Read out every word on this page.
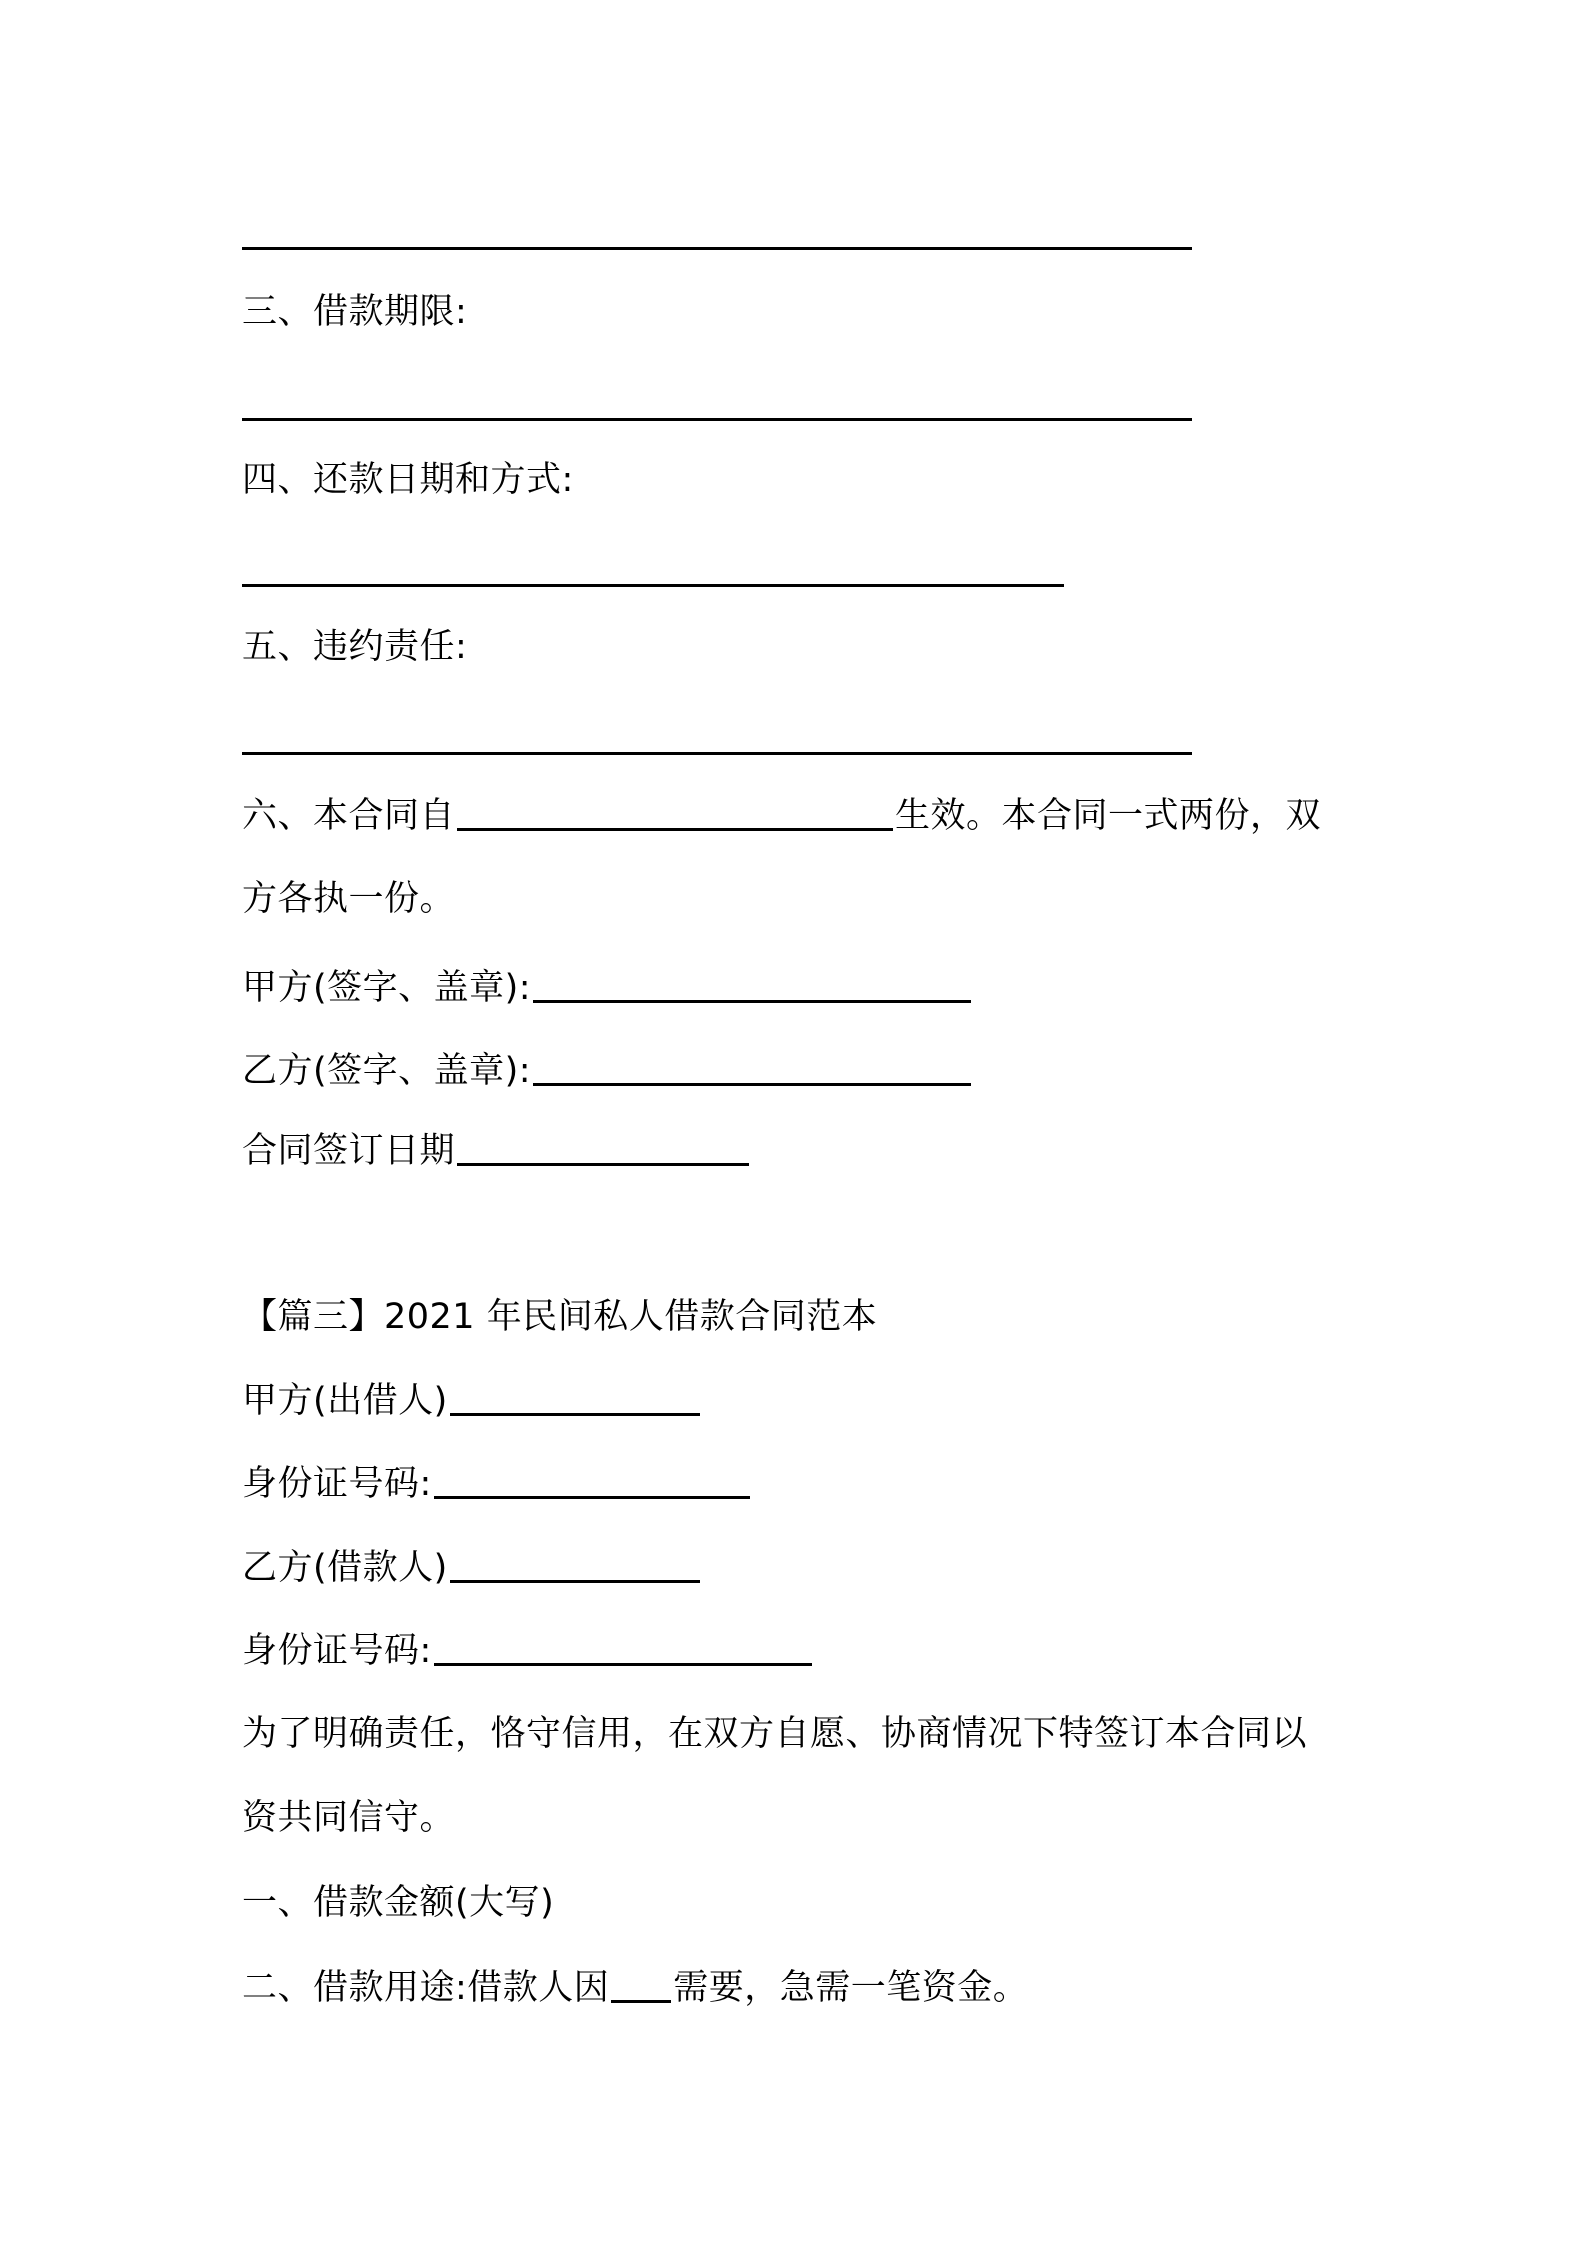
三、借款期限:
四、还款日期和方式:
五、违约责任:
六、本合同自	生效。本合同一式两份，双
方各执一份。
甲方(签字、盖章):
乙方(签字、盖章):
合同签订日期
【篇三】2021 年民间私人借款合同范本
甲方(出借人)
身份证号码:
乙方(借款人)
身份证号码:
为了明确责任，恪守信用，在双方自愿、协商情况下特签订本合同以
资共同信守。
一、借款金额(大写)
二、借款用途:借款人因 需要，急需一笔资金。
